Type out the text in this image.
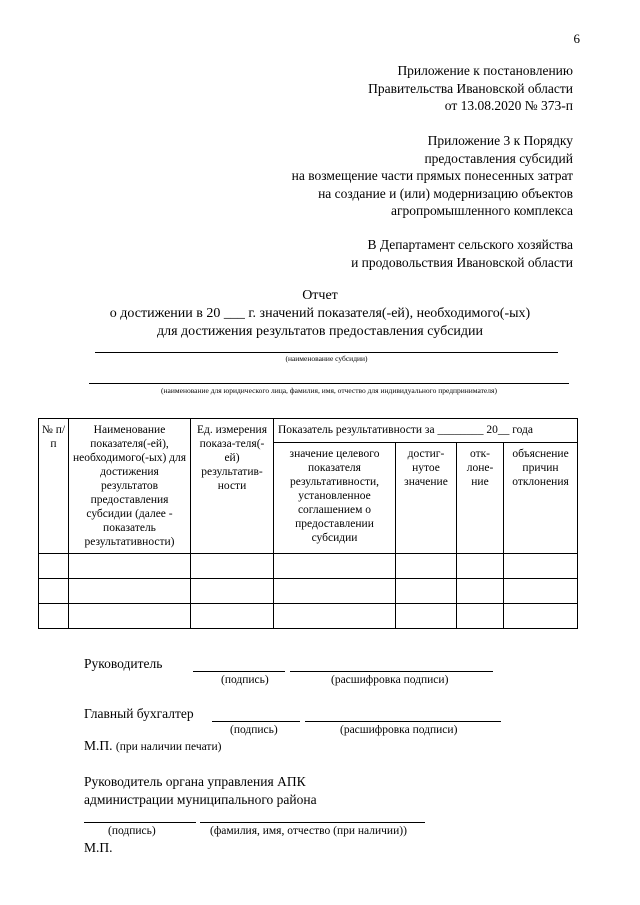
6
Приложение к постановлению
Правительства Ивановской области
от 13.08.2020 № 373-п
Приложение 3 к Порядку
предоставления субсидий
на возмещение части прямых понесенных затрат
на создание и (или) модернизацию объектов
агропромышленного комплекса
В Департамент сельского хозяйства
и продовольствия Ивановской области
Отчет
о достижении в 20 ___ г. значений показателя(-ей), необходимого(-ых)
для достижения результатов предоставления субсидии
(наименование субсидии)
(наименование для юридического лица, фамилия, имя, отчество для индивидуального предпринимателя)
№ п/п	Наименование показателя(-ей), необходимого(-ых) для достижения результатов предоставления субсидии (далее - показатель результативности)	Ед. измерения показа-теля(-ей) результатив-ности	Показатель результативности за ________ 20__ года			
			значение целевого показателя результативности, установленное соглашением о предоставлении субсидии	достиг-нутое значение	отк-лоне-ние	объяснение причин отклонения

Руководитель
(подпись)	(расшифровка подписи)
Главный бухгалтер
(подпись)	(расшифровка подписи)
М.П. (при наличии печати)
Руководитель органа управления АПК
администрации муниципального района
(подпись)	(фамилия, имя, отчество (при наличии))
М.П.
